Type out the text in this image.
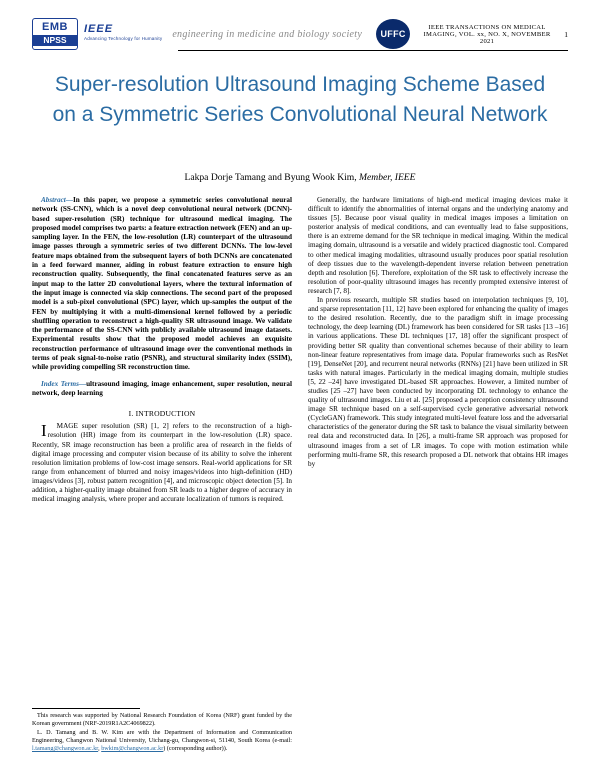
EMB
NPSS
IEEE
Advancing Technology for Humanity engineering in medicine and biology society	UFFC
IEEE TRANSACTIONS ON MEDICAL IMAGING, VOL. xx, NO. X, NOVEMBER 2021
1
Super-resolution Ultrasound Imaging Scheme Based on a Symmetric Series Convolutional Neural Network
Lakpa Dorje Tamang and Byung Wook Kim, Member, IEEE
Abstract—In this paper, we propose a symmetric series convolutional neural network (SS-CNN), which is a novel deep convolutional neural network (DCNN)-based super-resolution (SR) technique for ultrasound medical imaging. The proposed model comprises two parts: a feature extraction network (FEN) and an up-sampling layer. In the FEN, the low-resolution (LR) counterpart of the ultrasound image passes through a symmetric series of two different DCNNs. The low-level feature maps obtained from the subsequent layers of both DCNNs are concatenated in a feed forward manner, aiding in robust feature extraction to ensure high reconstruction quality. Subsequently, the final concatenated features serve as an input map to the latter 2D convolutional layers, where the textural information of the input image is connected via skip connections. The second part of the proposed model is a sub-pixel convolutional (SPC) layer, which up-samples the output of the FEN by multiplying it with a multi-dimensional kernel followed by a periodic shuffling operation to reconstruct a high-quality SR ultrasound image. We validate the performance of the SS-CNN with publicly available ultrasound image datasets. Experimental results show that the proposed model achieves an exquisite reconstruction performance of ultrasound image over the conventional methods in terms of peak signal-to-noise ratio (PSNR), and structural similarity index (SSIM), while providing compelling SR reconstruction time.
Index Terms—ultrasound imaging, image enhancement, super resolution, neural network, deep learning
I. INTRODUCTION

I MAGE super resolution (SR) [1, 2] refers to the reconstruction of a high-resolution (HR) image from its counterpart in the low-resolution (LR) space. Recently, SR image reconstruction has been a prolific area of research in the fields of digital image processing and computer vision because of its ability to solve the inherent resolution limitation problems of low-cost image sensors. Real-world applications for SR range from enhancement of blurred and noisy images/videos into high-definition (HD) images/videos [3], robust pattern recognition [4], and microscopic object detection [5]. In addition, a higher-quality image obtained from SR leads to a higher degree of accuracy in medical imaging analysis, where proper and accurate localization of tumors is required.

Generally, the hardware limitations of high-end medical imaging devices make it difficult to identify the abnormalities of internal organs and the underlying anatomy and tissues [5]. Because poor visual quality in medical images imposes a limitation on posterior analysis of medical conditions, and can eventually lead to false suppositions, there is an extreme demand for the SR technique in medical imaging. Within the medical imaging domain, ultrasound is a versatile and widely practiced diagnostic tool. Compared to other medical imaging modalities, ultrasound usually produces poor spatial resolution of deep tissues due to the wavelength-dependent inverse relation between penetration depth and resolution [6]. Therefore, exploitation of the SR task to effectively increase the resolution of poor-quality ultrasound images has recently prompted extensive interest of research [7, 8].

In previous research, multiple SR studies based on interpolation techniques [9, 10], and sparse representation [11, 12] have been explored for enhancing the quality of images to the desired resolution. Recently, due to the paradigm shift in image processing technology, the deep learning (DL) framework has been considered for SR tasks [13 –16] in various applications. These DL techniques [17, 18] offer the significant prospect of providing better SR quality than conventional schemes because of their ability to learn non-linear feature representatives from image data. Popular frameworks such as ResNet [19], DenseNet [20], and recurrent neural networks (RNNs) [21] have been utilized in SR tasks with natural images. Particularly in the medical imaging domain, multiple studies [5, 22 –24] have investigated DL-based SR approaches. However, a limited number of studies [25 –27] have been conducted by incorporating DL technology to enhance the quality of ultrasound images. Liu et al. [25] proposed a perception consistency ultrasound image SR technique based on a self-supervised cycle generative adversarial network (CycleGAN) framework. This study integrated multi-level feature loss and the adversarial characteristics of the generator during the SR task to balance the visual similarity between real data and reconstructed data. In [26], a multi-frame SR approach was proposed for ultrasound images from a set of LR images. To cope with motion estimation while performing multi-frame SR, this research proposed a DL network that obtains HR images by

This research was supported by National Research Foundation of Korea (NRF) grant funded by the Korean government (NRF-2019R1A2C4069822).

L. D. Tamang and B. W. Kim are with the Department of Information and Communication Engineering, Changwon National University, Uichang-gu, Changwon-si, 51140, South Korea (e-mail: l.tamang@changwon.ac.kr, bwkim@changwon.ac.kr) (corresponding author)).
